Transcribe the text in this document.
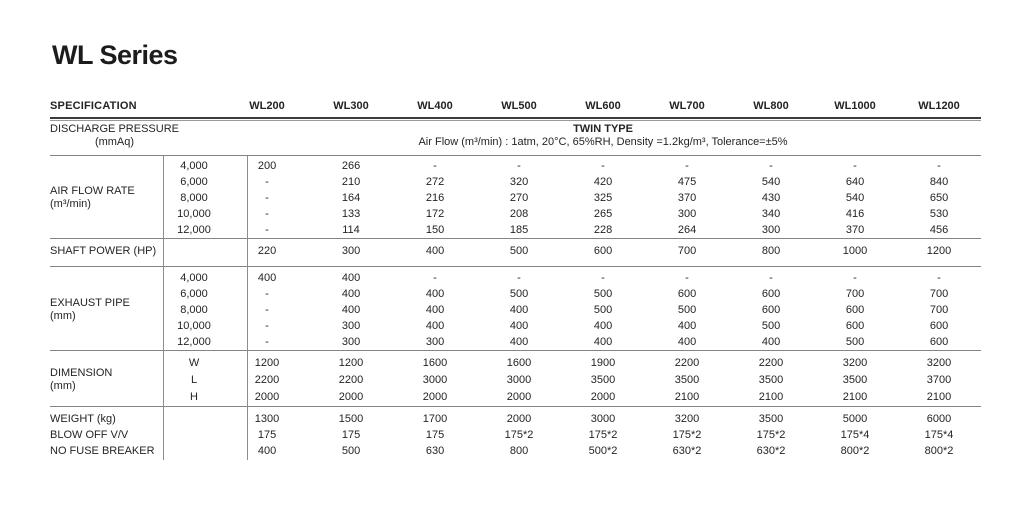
WL Series
SPECIFICATION		WL200	WL300	WL400	WL500	WL600	WL700	WL800	WL1000	WL1200

DISCHARGE PRESSURE
(mmAq)

TWIN TYPE
Air Flow (m³/min) : 1atm, 20°C, 65%RH, Density =1.2kg/m³, Tolerance=±5%

AIR FLOW RATE
(m³/min)	4,000	200	266	-	-	-	-	-	-	-
	6,000	-	210	272	320	420	475	540	640	840
	8,000	-	164	216	270	325	370	430	540	650
	10,000	-	133	172	208	265	300	340	416	530
	12,000	-	114	150	185	228	264	300	370	456

SHAFT POWER (HP)		220	300	400	500	600	700	800	1000	1200

EXHAUST PIPE
(mm)	4,000	400	400	-	-	-	-	-	-	-
	6,000	-	400	400	500	500	600	600	700	700
	8,000	-	400	400	400	500	500	600	600	700
	10,000	-	300	400	400	400	400	500	600	600
	12,000	-	300	300	400	400	400	400	500	600

DIMENSION
(mm)	W	1200	1200	1600	1600	1900	2200	2200	3200	3200
	L	2200	2200	3000	3000	3500	3500	3500	3500	3700
	H	2000	2000	2000	2000	2000	2100	2100	2100	2100

WEIGHT (kg)		1300	1500	1700	2000	3000	3200	3500	5000	6000
BLOW OFF V/V		175	175	175	175*2	175*2	175*2	175*2	175*4	175*4
NO FUSE BREAKER		400	500	630	800	500*2	630*2	630*2	800*2	800*2
